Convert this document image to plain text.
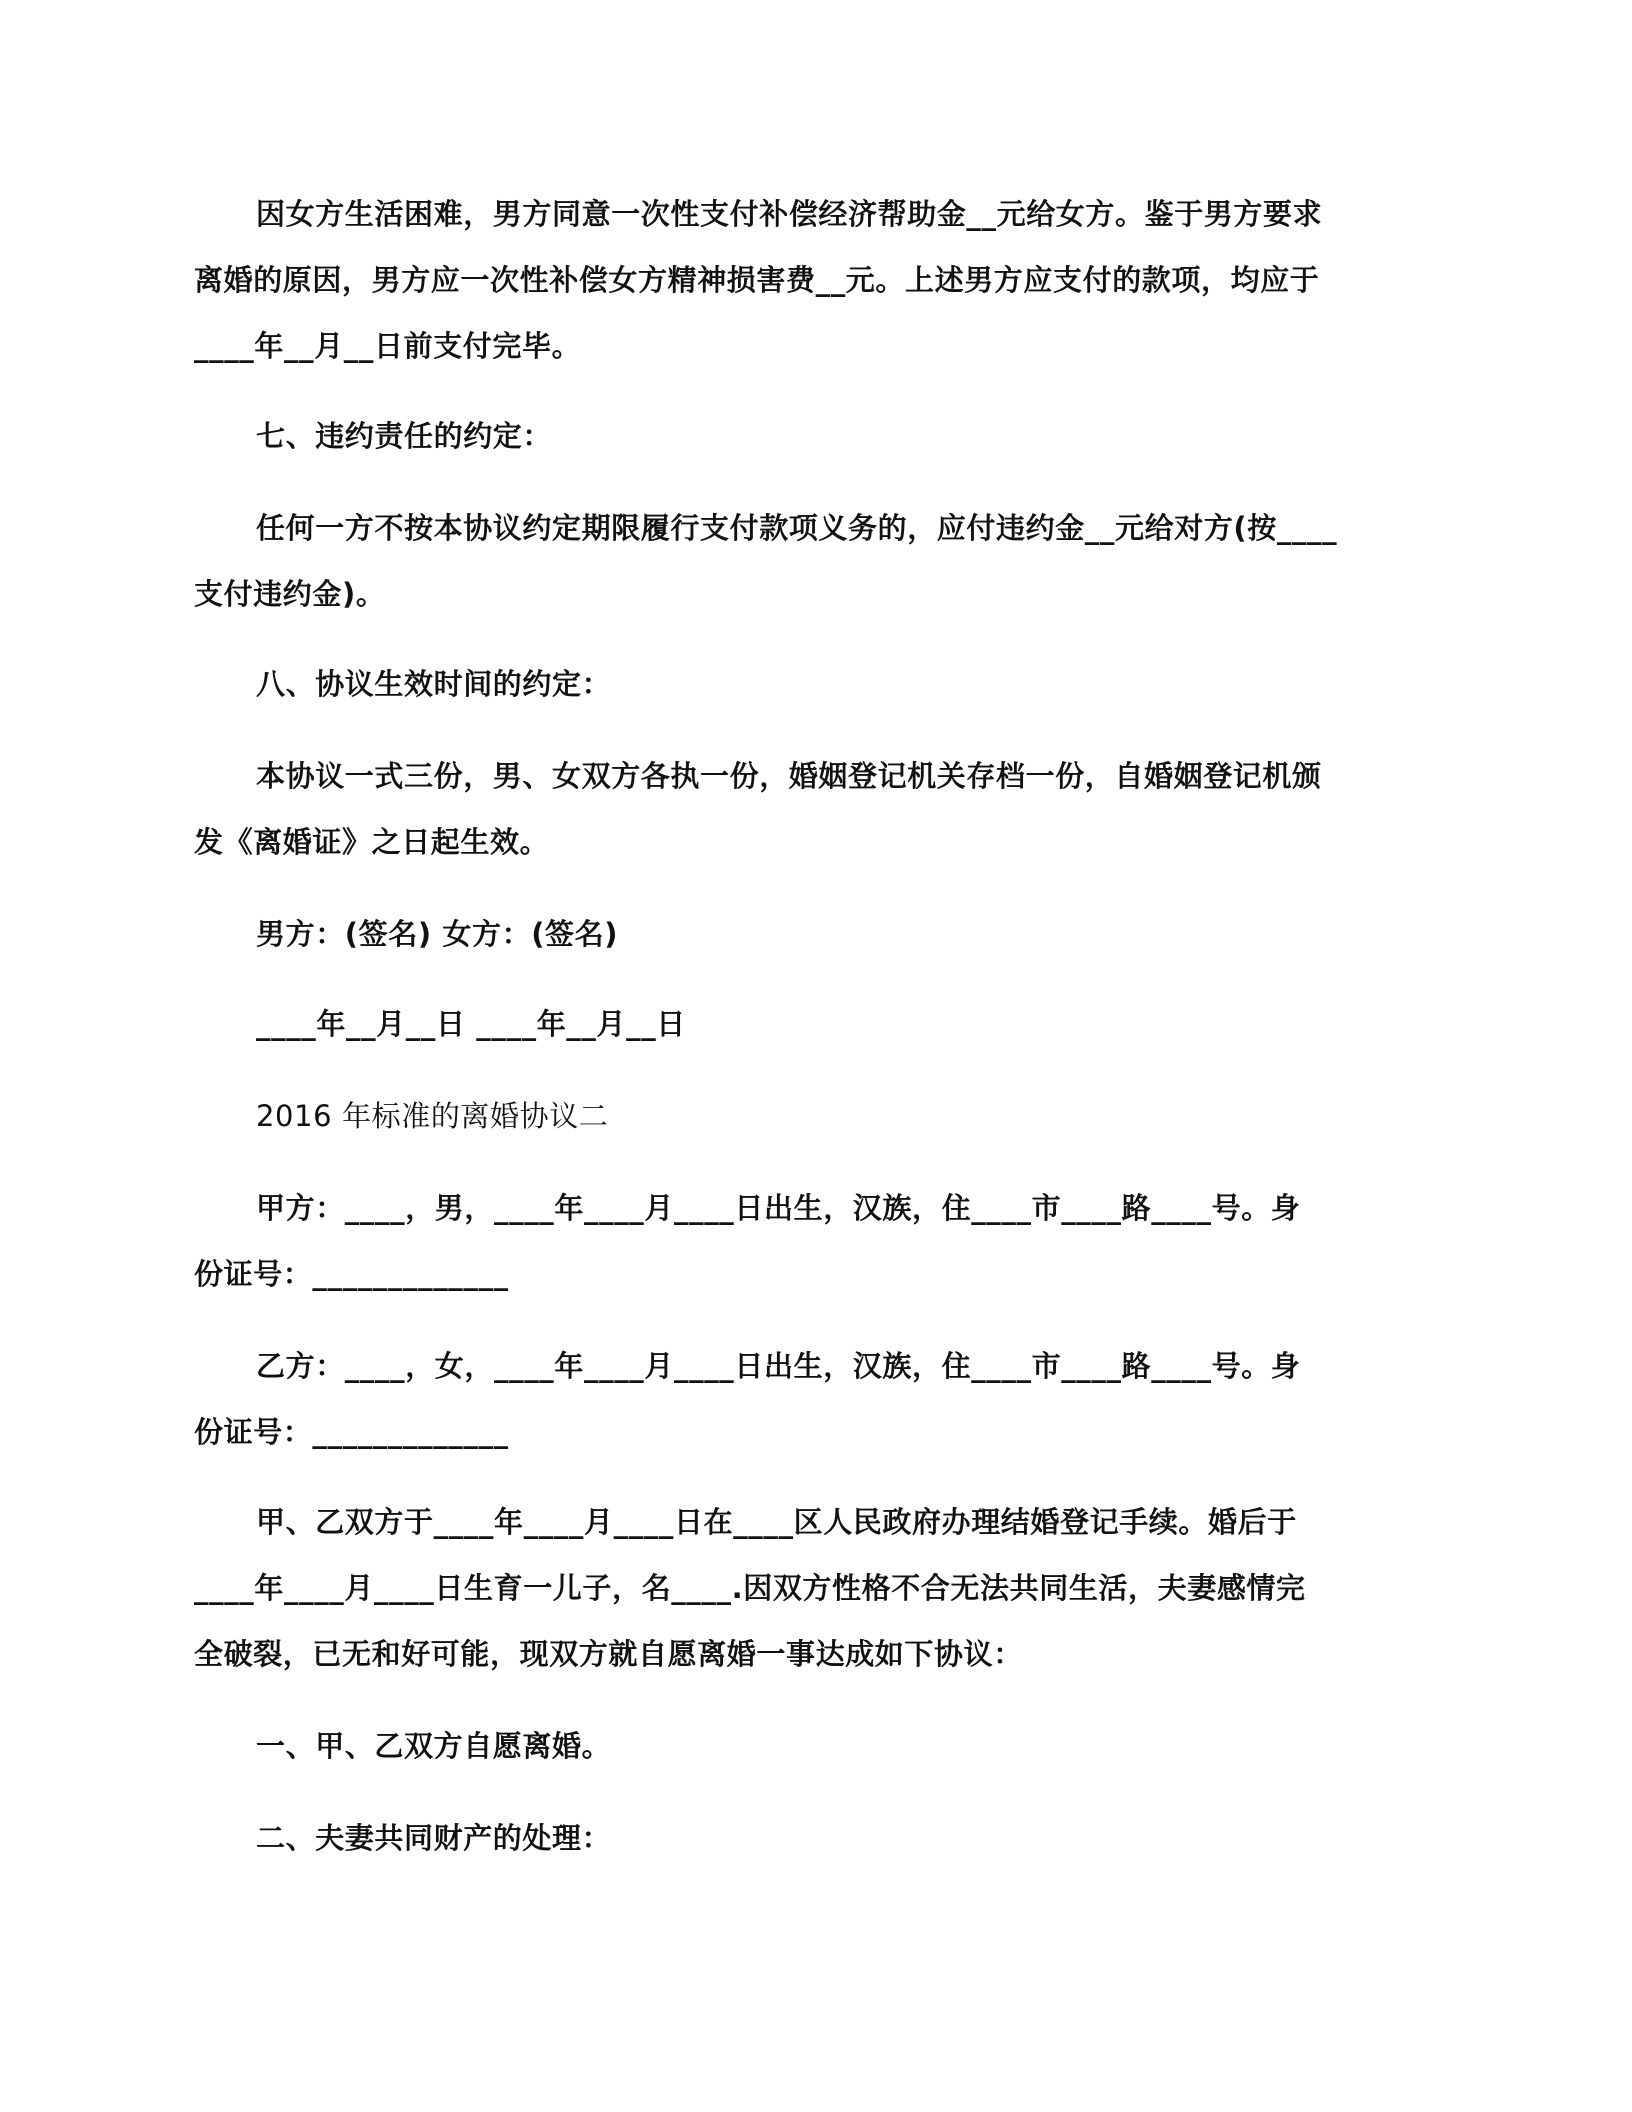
因女方生活困难，男方同意一次性支付补偿经济帮助金__元给女方。鉴于男方要求
离婚的原因，男方应一次性补偿女方精神损害费__元。上述男方应支付的款项，均应于
____年__月__日前支付完毕。
七、违约责任的约定：
任何一方不按本协议约定期限履行支付款项义务的，应付违约金__元给对方(按____
支付违约金)。
八、协议生效时间的约定：
本协议一式三份，男、女双方各执一份，婚姻登记机关存档一份，自婚姻登记机颁
发《离婚证》之日起生效。
男方：(签名) 女方：(签名)
____年__月__日 ____年__月__日
2016 年标准的离婚协议二
甲方：____，男，____年____月____日出生，汉族，住____市____路____号。身
份证号：_____________
乙方：____，女，____年____月____日出生，汉族，住____市____路____号。身
份证号：_____________
甲、乙双方于____年____月____日在____区人民政府办理结婚登记手续。婚后于
____年____月____日生育一儿子，名____.因双方性格不合无法共同生活，夫妻感情完
全破裂，已无和好可能，现双方就自愿离婚一事达成如下协议：
一、甲、乙双方自愿离婚。
二、夫妻共同财产的处理：
